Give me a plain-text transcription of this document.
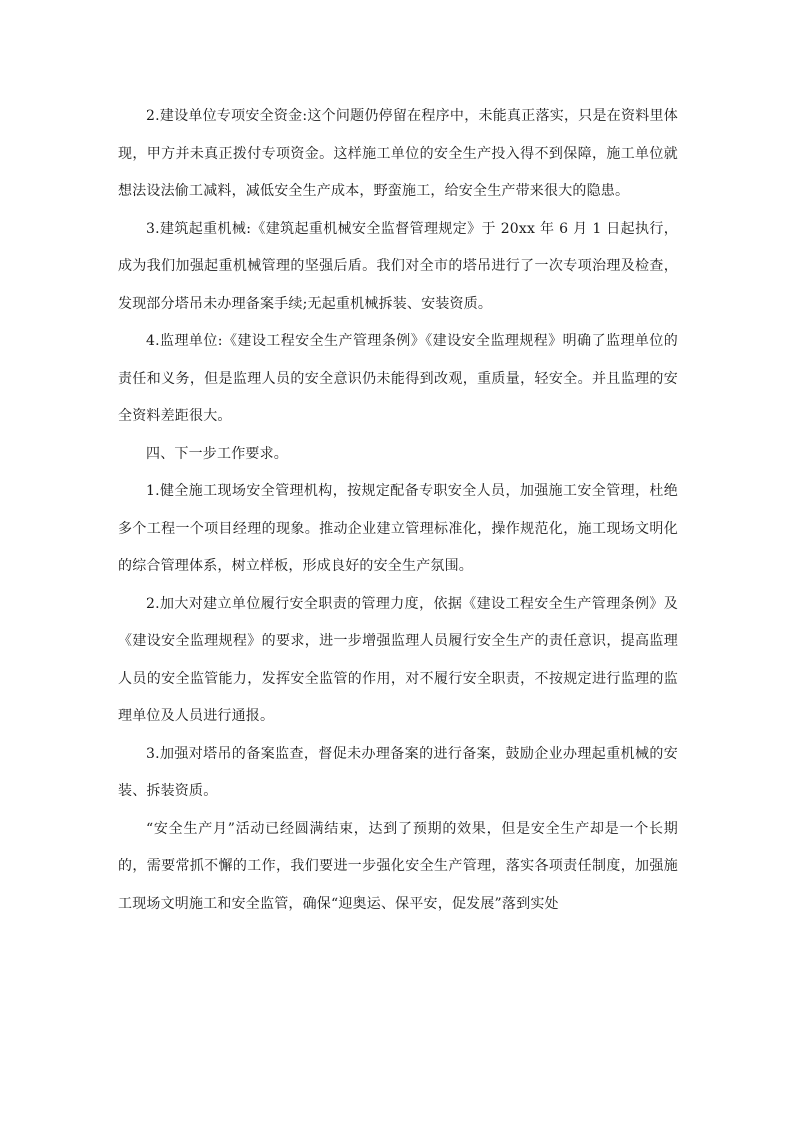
2.建设单位专项安全资金:这个问题仍停留在程序中，未能真正落实，只是在资料里体现，甲方并未真正拨付专项资金。这样施工单位的安全生产投入得不到保障，施工单位就想法设法偷工减料，减低安全生产成本，野蛮施工，给安全生产带来很大的隐患。

3.建筑起重机械:《建筑起重机械安全监督管理规定》于 20xx 年 6 月 1 日起执行，成为我们加强起重机械管理的坚强后盾。我们对全市的塔吊进行了一次专项治理及检查，发现部分塔吊未办理备案手续;无起重机械拆装、安装资质。

4.监理单位:《建设工程安全生产管理条例》《建设安全监理规程》明确了监理单位的责任和义务，但是监理人员的安全意识仍未能得到改观，重质量，轻安全。并且监理的安全资料差距很大。

四、下一步工作要求。

1.健全施工现场安全管理机构，按规定配备专职安全人员，加强施工安全管理，杜绝多个工程一个项目经理的现象。推动企业建立管理标准化，操作规范化，施工现场文明化的综合管理体系，树立样板，形成良好的安全生产氛围。

2.加大对建立单位履行安全职责的管理力度，依据《建设工程安全生产管理条例》及《建设安全监理规程》的要求，进一步增强监理人员履行安全生产的责任意识，提高监理人员的安全监管能力，发挥安全监管的作用，对不履行安全职责，不按规定进行监理的监理单位及人员进行通报。

3.加强对塔吊的备案监查，督促未办理备案的进行备案，鼓励企业办理起重机械的安装、拆装资质。

“安全生产月”活动已经圆满结束，达到了预期的效果，但是安全生产却是一个长期的，需要常抓不懈的工作，我们要进一步强化安全生产管理，落实各项责任制度，加强施工现场文明施工和安全监管，确保“迎奥运、保平安，促发展”落到实处
